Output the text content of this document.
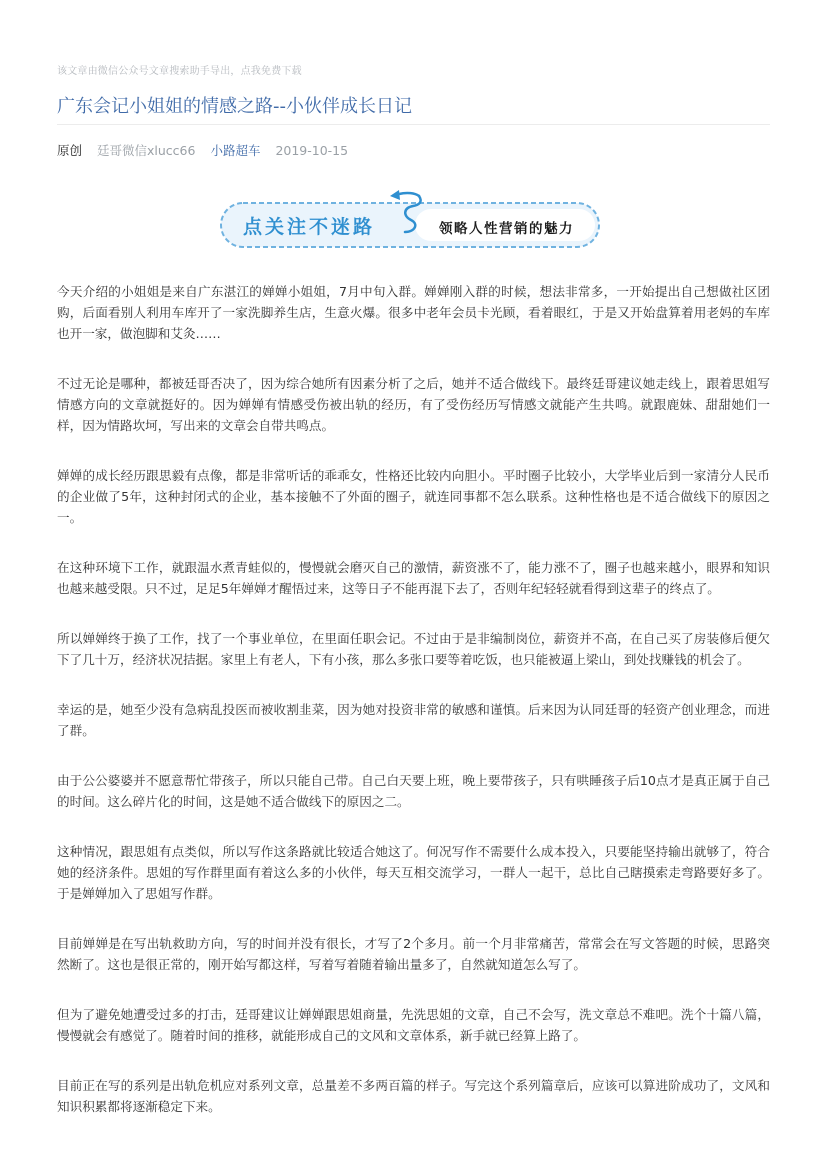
该文章由微信公众号文章搜索助手导出，点我免费下载
广东会记小姐姐的情感之路--小伙伴成长日记
原创 廷哥微信xlucc66 小路超车 2019-10-15
点关注不迷路	领略人性营销的魅力

今天介绍的小姐姐是来自广东湛江的婵婵小姐姐，7月中旬入群。婵婵刚入群的时候，想法非常多，一开始提出自己想做社区团购，后面看别人利用车库开了一家洗脚养生店，生意火爆。很多中老年会员卡光顾，看着眼红，于是又开始盘算着用老妈的车库也开一家，做泡脚和艾灸……

不过无论是哪种，都被廷哥否决了，因为综合她所有因素分析了之后，她并不适合做线下。最终廷哥建议她走线上，跟着思姐写情感方向的文章就挺好的。因为婵婵有情感受伤被出轨的经历，有了受伤经历写情感文就能产生共鸣。就跟鹿妹、甜甜她们一样，因为情路坎坷，写出来的文章会自带共鸣点。

婵婵的成长经历跟思毅有点像，都是非常听话的乖乖女，性格还比较内向胆小。平时圈子比较小，大学毕业后到一家清分人民币的企业做了5年，这种封闭式的企业，基本接触不了外面的圈子，就连同事都不怎么联系。这种性格也是不适合做线下的原因之一。

在这种环境下工作，就跟温水煮青蛙似的，慢慢就会磨灭自己的激情，薪资涨不了，能力涨不了，圈子也越来越小，眼界和知识也越来越受限。只不过，足足5年婵婵才醒悟过来，这等日子不能再混下去了，否则年纪轻轻就看得到这辈子的终点了。

所以婵婵终于换了工作，找了一个事业单位，在里面任职会记。不过由于是非编制岗位，薪资并不高，在自己买了房装修后便欠下了几十万，经济状况拮据。家里上有老人，下有小孩，那么多张口要等着吃饭，也只能被逼上梁山，到处找赚钱的机会了。

幸运的是，她至少没有急病乱投医而被收割韭菜，因为她对投资非常的敏感和谨慎。后来因为认同廷哥的轻资产创业理念，而进了群。

由于公公婆婆并不愿意帮忙带孩子，所以只能自己带。自己白天要上班，晚上要带孩子，只有哄睡孩子后10点才是真正属于自己的时间。这么碎片化的时间，这是她不适合做线下的原因之二。

这种情况，跟思姐有点类似，所以写作这条路就比较适合她这了。何况写作不需要什么成本投入，只要能坚持输出就够了，符合她的经济条件。思姐的写作群里面有着这么多的小伙伴，每天互相交流学习，一群人一起干，总比自己瞎摸索走弯路要好多了。于是婵婵加入了思姐写作群。

目前婵婵是在写出轨救助方向，写的时间并没有很长，才写了2个多月。前一个月非常痛苦，常常会在写文答题的时候，思路突然断了。这也是很正常的，刚开始写都这样，写着写着随着输出量多了，自然就知道怎么写了。

但为了避免她遭受过多的打击，廷哥建议让婵婵跟思姐商量，先洗思姐的文章，自己不会写，洗文章总不难吧。洗个十篇八篇，慢慢就会有感觉了。随着时间的推移，就能形成自己的文风和文章体系，新手就已经算上路了。

目前正在写的系列是出轨危机应对系列文章，总量差不多两百篇的样子。写完这个系列篇章后，应该可以算进阶成功了，文风和知识积累都将逐渐稳定下来。
